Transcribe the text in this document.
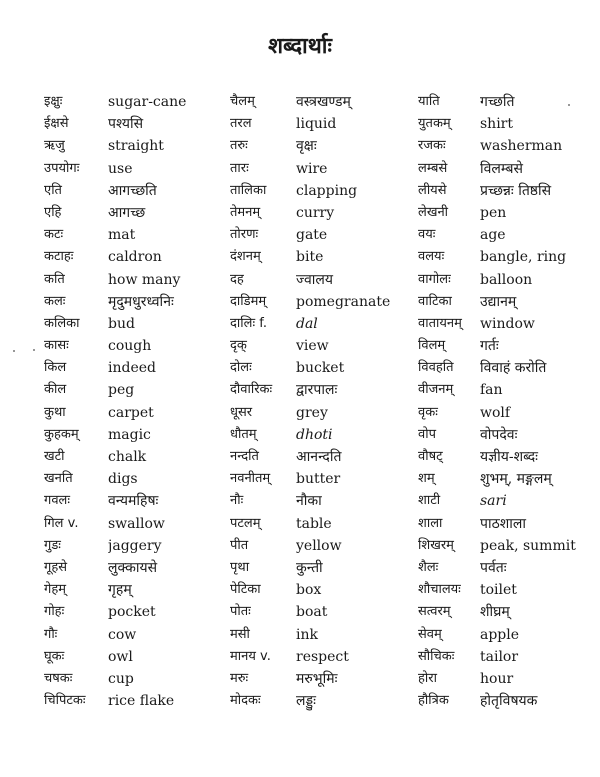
शब्दार्थाः
इक्षुः	sugar-cane
ईक्षसे	पश्यसि
ऋजु	straight
उपयोगः	use
एति	आगच्छति
एहि	आगच्छ
कटः	mat
कटाहः	caldron
कति	how many
कलः	मृदुमधुरध्वनिः
कलिका	bud
कासः	cough
किल	indeed
कील	peg
कुथा	carpet
कुहकम्	magic
खटी	chalk
खनति	digs
गवलः	वन्यमहिषः
गिल v.	swallow
गुडः	jaggery
गूहसे	लुक्कायसे
गेहम्	गृहम्
गोहः	pocket
गौः	cow
घूकः	owl
चषकः	cup
चिपिटकः	rice flake
चैलम्	वस्त्रखण्डम्
तरल	liquid
तरुः	वृक्षः
तारः	wire
तालिका	clapping
तेमनम्	curry
तोरणः	gate
दंशनम्	bite
दह	ज्वालय
दाडिमम्	pomegranate
दालिः f.	dal
दृक्	view
दोलः	bucket
दौवारिकः	द्वारपालः
धूसर	grey
धौतम्	dhoti
नन्दति	आनन्दति
नवनीतम्	butter
नौः	नौका
पटलम्	table
पीत	yellow
पृथा	कुन्ती
पेटिका	box
पोतः	boat
मसी	ink
मानय v.	respect
मरुः	मरुभूमिः
मोदकः	लड्डुः
याति	गच्छति
युतकम्	shirt
रजकः	washerman
लम्बसे	विलम्बसे
लीयसे	प्रच्छन्नः तिष्ठसि
लेखनी	pen
वयः	age
वलयः	bangle, ring
वागोलः	balloon
वाटिका	उद्यानम्
वातायनम्	window
विलम्	गर्तः
विवहति	विवाहं करोति
वीजनम्	fan
वृकः	wolf
वोप	वोपदेवः
वौषट्	यज्ञीय-शब्दः
शम्	शुभम्, मङ्गलम्
शाटी	sari
शाला	पाठशाला
शिखरम्	peak, summit
शैलः	पर्वतः
शौचालयः	toilet
सत्वरम्	शीघ्रम्
सेवम्	apple
सौचिकः	tailor
होरा	hour
हौत्रिक	होतृविषयक
